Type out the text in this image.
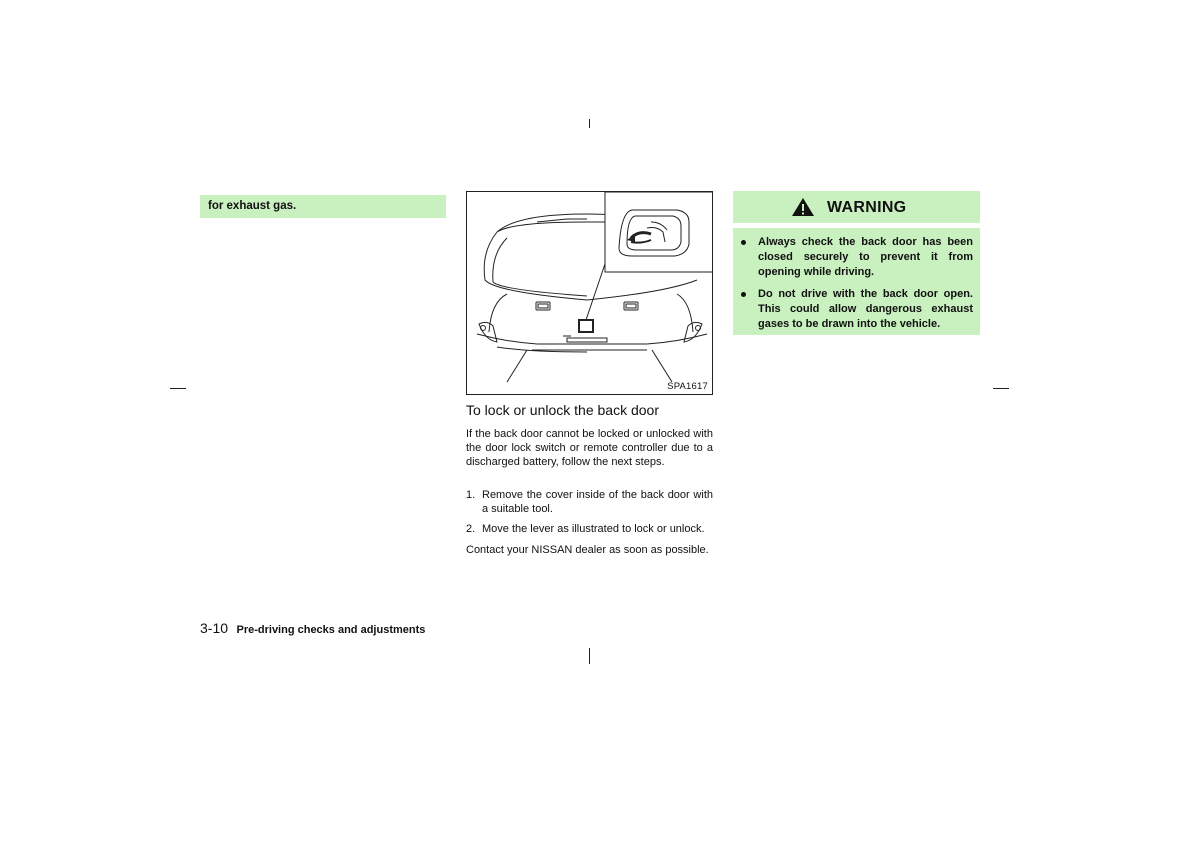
for exhaust gas.
SPA1617
To lock or unlock the back door

If the back door cannot be locked or unlocked with the door lock switch or remote controller due to a discharged battery, follow the next steps.

1. Remove the cover inside of the back door with a suitable tool.
2. Move the lever as illustrated to lock or unlock.

Contact your NISSAN dealer as soon as possible.

WARNING
Always check the back door has been closed securely to prevent it from opening while driving.
Do not drive with the back door open. This could allow dangerous exhaust gases to be drawn into the vehicle.
3-10 Pre-driving checks and adjustments
